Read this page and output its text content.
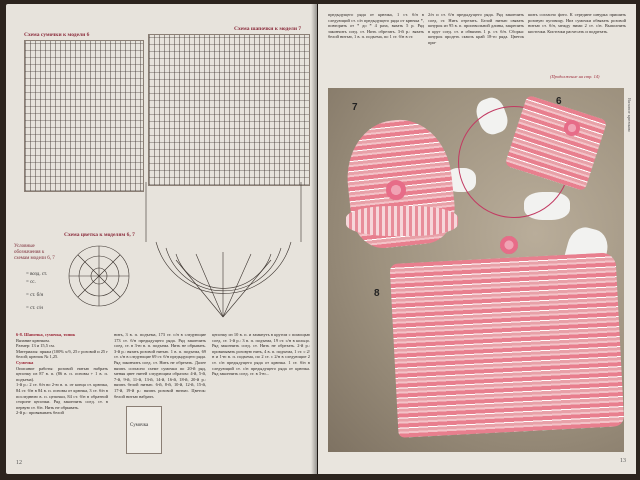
Схема сумочки к модели 6
Схема шапочки к модели 7
Схема цветка к моделям 6, 7
Условные обозначения к схемам модели 6, 7
= возд. ст.
= сс.
= ст. б/н
= ст. с/н
6-8. Шапочка, сумочка, топик
Вязание крючком.
Размер: 13 и 15,5 см.
Материалы: пряжа (100% х/б, 25 г розовой и 25 г белой; крючок № 1,25.
Сумочка
Описание работы: розовой нитью набрать цепочку из 87 в. п. (86 в. п. основы + 1 в. п. подъема).
1-й р.: 2 ст. б/н во 2-ю в. п. от конца ст. крючка, 84 ст. б/н в 84 в. п. основы от крючка, 3 ст. б/н в последнюю в. п. цепочки, 84 ст. б/н в обратной стороне цепочки. Ряд закончить соед. ст. в первую ст. б/н. Нить не обрывать.
2-й р.: провязывать белой
нить, 3 в. п. подъема, 173 ст. с/н в следующие 173 ст. б/н предыдущего ряда. Ряд закончить соед. ст. в 3-ю в. п. подъема. Нить не обрывать. 3-й р.: вязать розовой нитью. 1 в. п. подъема, 69 ст. с/н в следующие 69 ст. б/н предыдущего ряда. Ряд закончить соед. ст. Нить не обрезать. Далее вязать согласно схеме сумочки по 20-й ряд, меняя цвет нитей следующим образом: 4-й, 5-й, 7-й, 9-й, 11-й, 13-й, 14-й, 16-й, 18-й, 20-й р.: вязать белой нитью. 6-й, 8-й, 10-й, 12-й, 15-й, 17-й, 19-й р.: вязать розовой нитью. Цветок: белой нитью набрать
Сумочка
цепочку из 10 в. п. и замкнуть в кругом с помощью соед. ст. 1-й р.: 3 в. п. подъема, 19 ст. с/н в кольцо. Ряд закончить соед. ст. Нить не обрезать. 2-й р.: провязывать розовую нить, 4 в. п. подъема, 1 ст. с 2/н и 1-ю в. п. подъема, по 2 ст. с 2/н в следующие 2 ст. с/н предыдущего ряда от крючка. 1 ст. б/н в следующий ст. с/н предыдущего ряда от крючка. Ряд закончить соед. ст. в 3-ю...
12
предыдущего ряда от крючка, 1 ст. б/н в следующий ст. с/н предыдущего ряда от крючка *, повторить от * до * 4 раза, вязать 5 р. Ряд закончить соед. ст. Нить обрезать. 3-й р.: вязать белой нитью, 1 в. п. подъема, по 1 ст. б/н в ст.
2/н и ст. б/н предыдущего ряда. Ряд закончить соед. ст. Нить отрезать. Белой нитью связать шнурок из 95 в. п. произвольной длины, закрепить в круг соед. ст. и обвязать 1 р. ст. б/н. Сборка: шнурок продеть сквозь край 18-го ряда. Цветок при-
шить согласно фото. К середине шнурка пришить розовую пуговицу. Низ сумочки обвязать розовой нитью ст. б/н, между ними 2 ст. с/н. Выполнить кисточки. Кисточки расчесать и подрезать.
(Продолжение на стр. 14)
7
6
8
Вязание крючком
13
